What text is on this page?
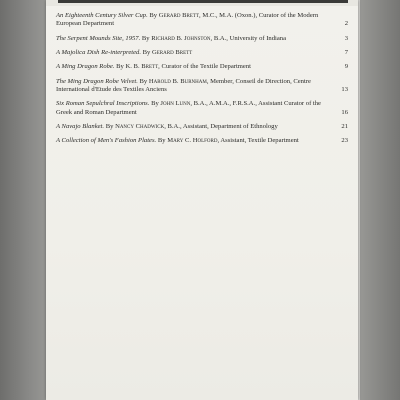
An Eighteenth Century Silver Cup. By Gerard Brett, M.C., M.A. (Oxon.), Curator of the Modern European Department	2
The Serpent Mounds Site, 1957. By Richard B. Johnston, B.A., University of Indiana	3
A Majolica Dish Re-interpreted. By Gerard Brett	7
A Ming Dragon Robe. By K. B. Brett, Curator of the Textile Department	9
The Ming Dragon Robe Velvet. By Harold B. Burnham, Member, Conseil de Direction, Centre International d'Etude des Textiles Anciens	13
Six Roman Sepulchral Inscriptions. By John Lunn, B.A., A.M.A., F.R.S.A., Assistant Curator of the Greek and Roman Department	16
A Navajo Blanket. By Nancy Chadwick, B.A., Assistant, Department of Ethnology	21
A Collection of Men's Fashion Plates. By Mary C. Holford, Assistant, Textile Department	23
